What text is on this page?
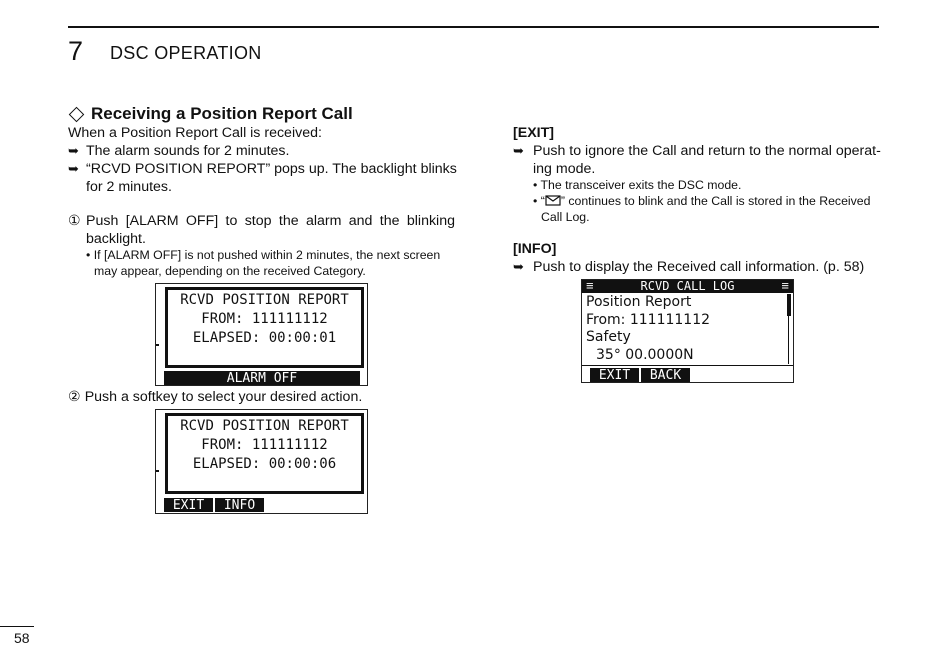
7 DSC OPERATION
Receiving a Position Report Call
When a Position Report Call is received:
➥ The alarm sounds for 2 minutes.
➥ “RCVD POSITION REPORT” pops up. The backlight blinks
for 2 minutes.
① Push [ALARM OFF] to stop the alarm and the blinking
backlight.
• If [ALARM OFF] is not pushed within 2 minutes, the next screen
may appear, depending on the received Category.
RCVD POSITION REPORT
FROM: 111111112
ELAPSED: 00:00:01
ALARM OFF
② Push a softkey to select your desired action.
RCVD POSITION REPORT
FROM: 111111112
ELAPSED: 00:00:06
EXIT	INFO
[EXIT]
➥ Push to ignore the Call and return to the normal operat-
ing mode.
• The transceiver exits the DSC mode.
• “ ” continues to blink and the Call is stored in the Received
Call Log.
[INFO]
➥ Push to display the Received call information. (p. 58)
≡	RCVD CALL LOG	≡
Position Report
From: 111111112
Safety
35° 00.0000N
EXIT	BACK
58
